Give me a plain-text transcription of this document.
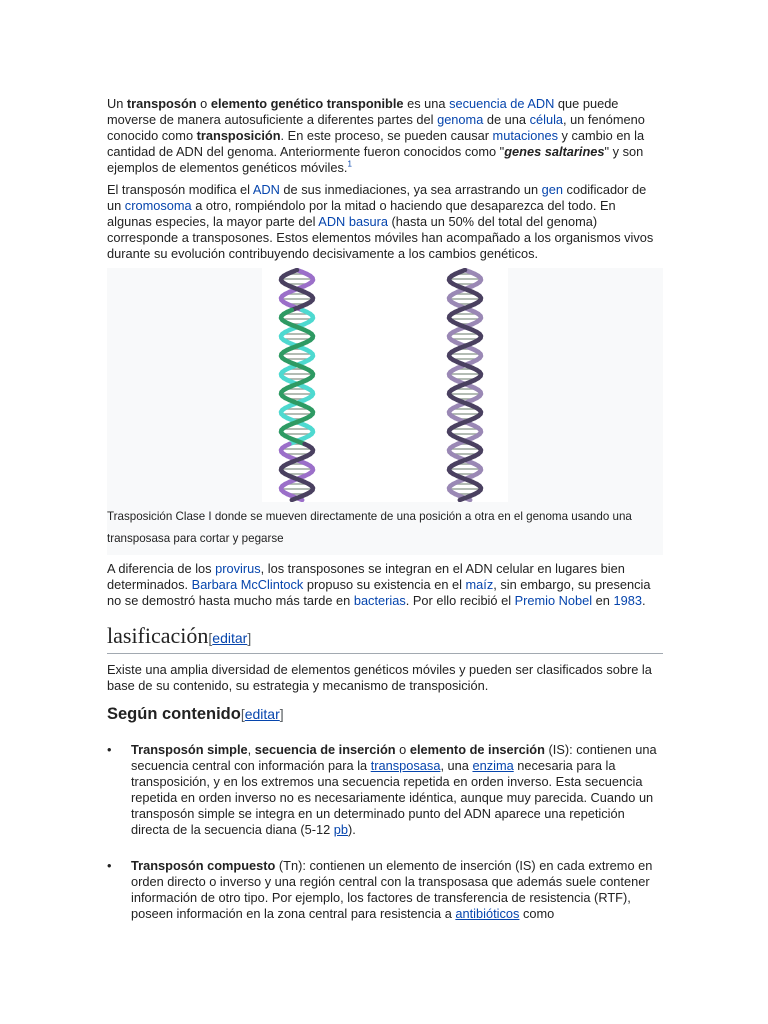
Un transposón o elemento genético transponible es una secuencia de ADN que puede moverse de manera autosuficiente a diferentes partes del genoma de una célula, un fenómeno conocido como transposición. En este proceso, se pueden causar mutaciones y cambio en la cantidad de ADN del genoma. Anteriormente fueron conocidos como "genes saltarines" y son ejemplos de elementos genéticos móviles.$^1$

El transposón modifica el ADN de sus inmediaciones, ya sea arrastrando un gen codificador de un cromosoma a otro, rompiéndolo por la mitad o haciendo que desaparezca del todo. En algunas especies, la mayor parte del ADN basura (hasta un 50% del total del genoma) corresponde a transposones. Estos elementos móviles han acompañado a los organismos vivos durante su evolución contribuyendo decisivamente a los cambios genéticos.

Trasposición Clase I donde se mueven directamente de una posición a otra en el genoma usando una transposasa para cortar y pegarse

A diferencia de los provirus, los transposones se integran en el ADN celular en lugares bien determinados. Barbara McClintock propuso su existencia en el maíz, sin embargo, su presencia no se demostró hasta mucho más tarde en bacterias. Por ello recibió el Premio Nobel en 1983.

lasificación[editar]

Existe una amplia diversidad de elementos genéticos móviles y pueden ser clasificados sobre la base de su contenido, su estrategia y mecanismo de transposición.

Según contenido[editar]
• Transposón simple, secuencia de inserción o elemento de inserción (IS): contienen una secuencia central con información para la transposasa, una enzima necesaria para la transposición, y en los extremos una secuencia repetida en orden inverso. Esta secuencia repetida en orden inverso no es necesariamente idéntica, aunque muy parecida. Cuando un transposón simple se integra en un determinado punto del ADN aparece una repetición directa de la secuencia diana (5-12 pb).
• Transposón compuesto (Tn): contienen un elemento de inserción (IS) en cada extremo en orden directo o inverso y una región central con la transposasa que además suele contener información de otro tipo. Por ejemplo, los factores de transferencia de resistencia (RTF), poseen información en la zona central para resistencia a antibióticos como
